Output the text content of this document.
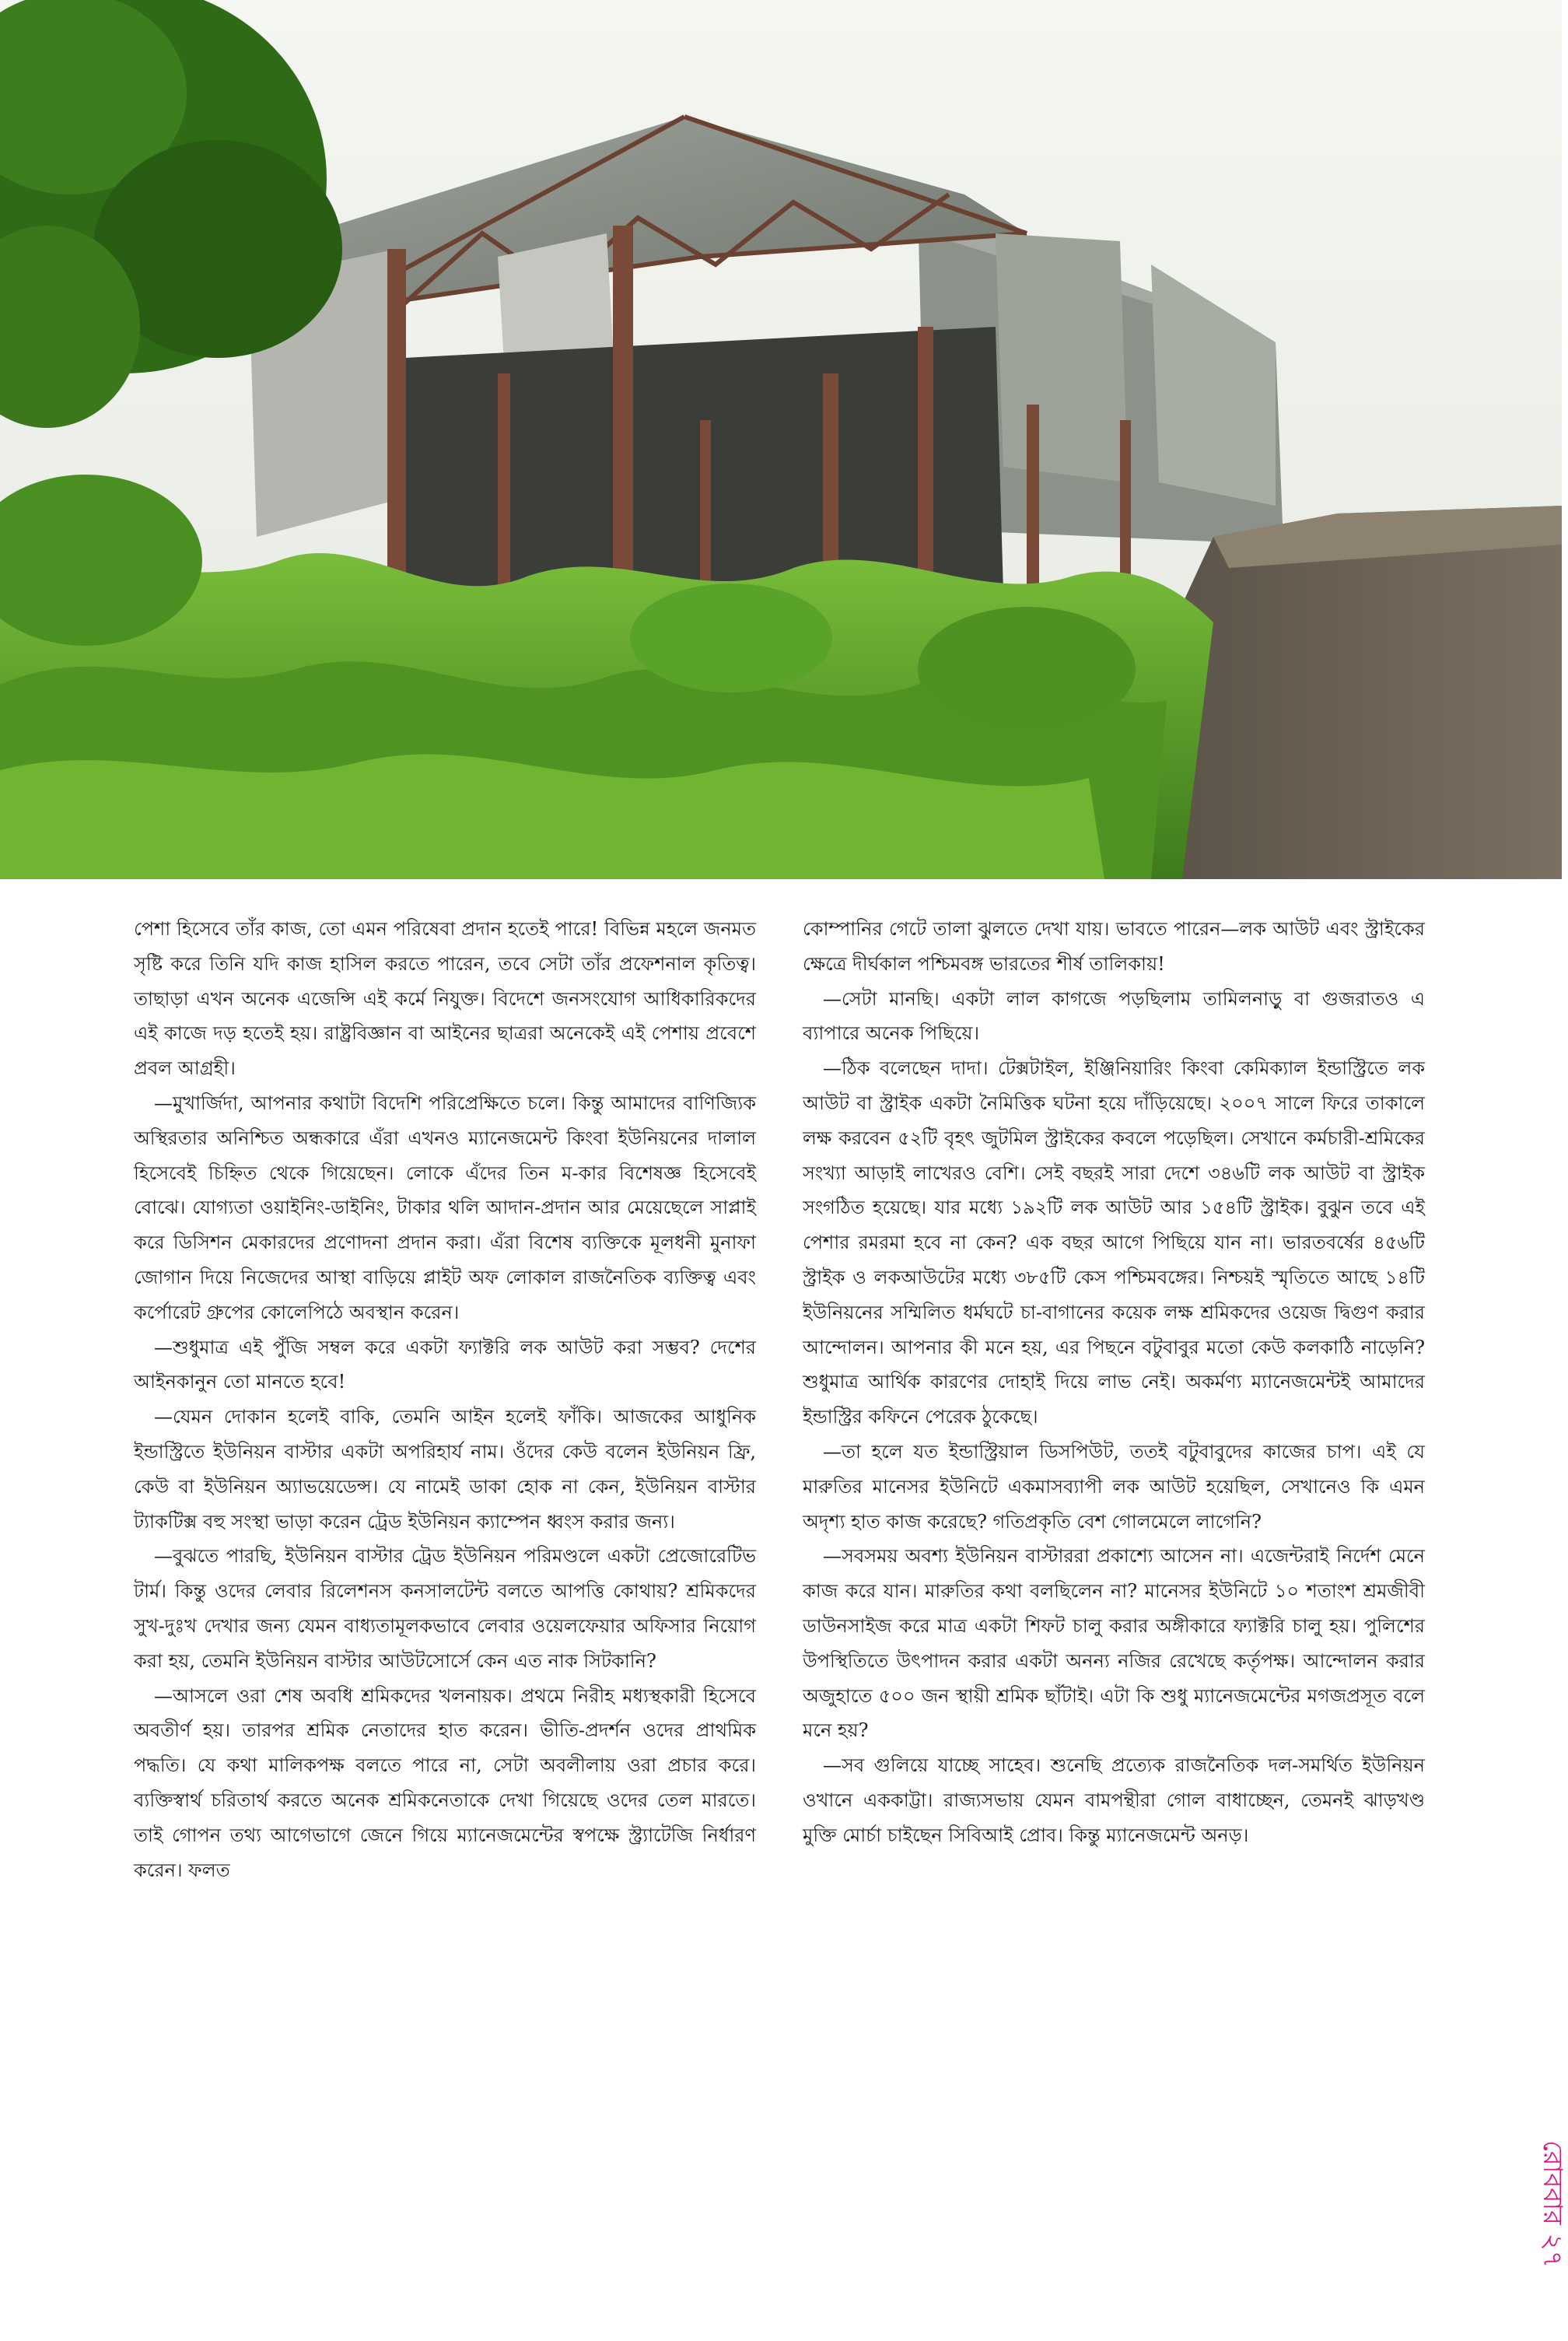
পেশা হিসেবে তাঁর কাজ, তো এমন পরিষেবা প্রদান হতেই পারে! বিভিন্ন মহলে জনমত সৃষ্টি করে তিনি যদি কাজ হাসিল করতে পারেন, তবে সেটা তাঁর প্রফেশনাল কৃতিত্ব। তাছাড়া এখন অনেক এজেন্সি এই কর্মে নিযুক্ত। বিদেশে জনসংযোগ আধিকারিকদের এই কাজে দড় হতেই হয়। রাষ্ট্রবিজ্ঞান বা আইনের ছাত্ররা অনেকেই এই পেশায় প্রবেশে প্রবল আগ্রহী।

—মুখার্জিদা, আপনার কথাটা বিদেশি পরিপ্রেক্ষিতে চলে। কিন্তু আমাদের বাণিজ্যিক অস্থিরতার অনিশ্চিত অন্ধকারে এঁরা এখনও ম্যানেজমেন্ট কিংবা ইউনিয়নের দালাল হিসেবেই চিহ্নিত থেকে গিয়েছেন। লোকে এঁদের তিন ম-কার বিশেষজ্ঞ হিসেবেই বোঝে। যোগ্যতা ওয়াইনিং-ডাইনিং, টাকার থলি আদান-প্রদান আর মেয়েছেলে সাপ্লাই করে ডিসিশন মেকারদের প্রণোদনা প্রদান করা। এঁরা বিশেষ ব্যক্তিকে মূলধনী মুনাফা জোগান দিয়ে নিজেদের আস্থা বাড়িয়ে প্লাইট অফ লোকাল রাজনৈতিক ব্যক্তিত্ব এবং কর্পোরেট গ্রুপের কোলেপিঠে অবস্থান করেন।

—শুধুমাত্র এই পুঁজি সম্বল করে একটা ফ্যাক্টরি লক আউট করা সম্ভব? দেশের আইনকানুন তো মানতে হবে!

—যেমন দোকান হলেই বাকি, তেমনি আইন হলেই ফাঁকি। আজকের আধুনিক ইন্ডাস্ট্রিতে ইউনিয়ন বাস্টার একটা অপরিহার্য নাম। ওঁদের কেউ বলেন ইউনিয়ন ফ্রি, কেউ বা ইউনিয়ন অ্যাভয়েডেন্স। যে নামেই ডাকা হোক না কেন, ইউনিয়ন বাস্টার ট্যাকটিক্স বহু সংস্থা ভাড়া করেন ট্রেড ইউনিয়ন ক্যাম্পেন ধ্বংস করার জন্য।

—বুঝতে পারছি, ইউনিয়ন বাস্টার ট্রেড ইউনিয়ন পরিমণ্ডলে একটা প্রেজোরেটিভ টার্ম। কিন্তু ওদের লেবার রিলেশনস কনসালটেন্ট বলতে আপত্তি কোথায়? শ্রমিকদের সুখ-দুঃখ দেখার জন্য যেমন বাধ্যতামূলকভাবে লেবার ওয়েলফেয়ার অফিসার নিয়োগ করা হয়, তেমনি ইউনিয়ন বাস্টার আউটসোর্সে কেন এত নাক সিটকানি?

—আসলে ওরা শেষ অবধি শ্রমিকদের খলনায়ক। প্রথমে নিরীহ মধ্যস্থকারী হিসেবে অবতীর্ণ হয়। তারপর শ্রমিক নেতাদের হাত করেন। ভীতি-প্রদর্শন ওদের প্রাথমিক পদ্ধতি। যে কথা মালিকপক্ষ বলতে পারে না, সেটা অবলীলায় ওরা প্রচার করে। ব্যক্তিস্বার্থ চরিতার্থ করতে অনেক শ্রমিকনেতাকে দেখা গিয়েছে ওদের তেল মারতে। তাই গোপন তথ্য আগেভাগে জেনে গিয়ে ম্যানেজমেন্টের স্বপক্ষে স্ট্র্যাটেজি নির্ধারণ করেন। ফলত

কোম্পানির গেটে তালা ঝুলতে দেখা যায়। ভাবতে পারেন—লক আউট এবং স্ট্রাইকের ক্ষেত্রে দীর্ঘকাল পশ্চিমবঙ্গ ভারতের শীর্ষ তালিকায়!

—সেটা মানছি। একটা লাল কাগজে পড়ছিলাম তামিলনাড়ু বা গুজরাতও এ ব্যাপারে অনেক পিছিয়ে।

—ঠিক বলেছেন দাদা। টেক্সটাইল, ইঞ্জিনিয়ারিং কিংবা কেমিক্যাল ইন্ডাস্ট্রিতে লক আউট বা স্ট্রাইক একটা নৈমিত্তিক ঘটনা হয়ে দাঁড়িয়েছে। ২০০৭ সালে ফিরে তাকালে লক্ষ করবেন ৫২টি বৃহৎ জুটমিল স্ট্রাইকের কবলে পড়েছিল। সেখানে কর্মচারী-শ্রমিকের সংখ্যা আড়াই লাখেরও বেশি। সেই বছরই সারা দেশে ৩৪৬টি লক আউট বা স্ট্রাইক সংগঠিত হয়েছে। যার মধ্যে ১৯২টি লক আউট আর ১৫৪টি স্ট্রাইক। বুঝুন তবে এই পেশার রমরমা হবে না কেন? এক বছর আগে পিছিয়ে যান না। ভারতবর্ষের ৪৫৬টি স্ট্রাইক ও লকআউটের মধ্যে ৩৮৫টি কেস পশ্চিমবঙ্গের। নিশ্চয়ই স্মৃতিতে আছে ১৪টি ইউনিয়নের সম্মিলিত ধর্মঘটে চা-বাগানের কয়েক লক্ষ শ্রমিকদের ওয়েজ দ্বিগুণ করার আন্দোলন। আপনার কী মনে হয়, এর পিছনে বটুবাবুর মতো কেউ কলকাঠি নাড়েনি? শুধুমাত্র আর্থিক কারণের দোহাই দিয়ে লাভ নেই। অকর্মণ্য ম্যানেজমেন্টই আমাদের ইন্ডাস্ট্রির কফিনে পেরেক ঠুকেছে।

—তা হলে যত ইন্ডাস্ট্রিয়াল ডিসপিউট, ততই বটুবাবুদের কাজের চাপ। এই যে মারুতির মানেসর ইউনিটে একমাসব্যাপী লক আউট হয়েছিল, সেখানেও কি এমন অদৃশ্য হাত কাজ করেছে? গতিপ্রকৃতি বেশ গোলমেলে লাগেনি?

—সবসময় অবশ্য ইউনিয়ন বাস্টাররা প্রকাশ্যে আসেন না। এজেন্টরাই নির্দেশ মেনে কাজ করে যান। মারুতির কথা বলছিলেন না? মানেসর ইউনিটে ১০ শতাংশ শ্রমজীবী ডাউনসাইজ করে মাত্র একটা শিফট চালু করার অঙ্গীকারে ফ্যাক্টরি চালু হয়। পুলিশের উপস্থিতিতে উৎপাদন করার একটা অনন্য নজির রেখেছে কর্তৃপক্ষ। আন্দোলন করার অজুহাতে ৫০০ জন স্থায়ী শ্রমিক ছাঁটাই। এটা কি শুধু ম্যানেজমেন্টের মগজপ্রসূত বলে মনে হয়?

—সব গুলিয়ে যাচ্ছে সাহেব। শুনেছি প্রত্যেক রাজনৈতিক দল-সমর্থিত ইউনিয়ন ওখানে এককাট্টা। রাজ্যসভায় যেমন বামপন্থীরা গোল বাধাচ্ছেন, তেমনই ঝাড়খণ্ড মুক্তি মোর্চা চাইছেন সিবিআই প্রোব। কিন্তু ম্যানেজমেন্ট অনড়।

রোববার ২৭
